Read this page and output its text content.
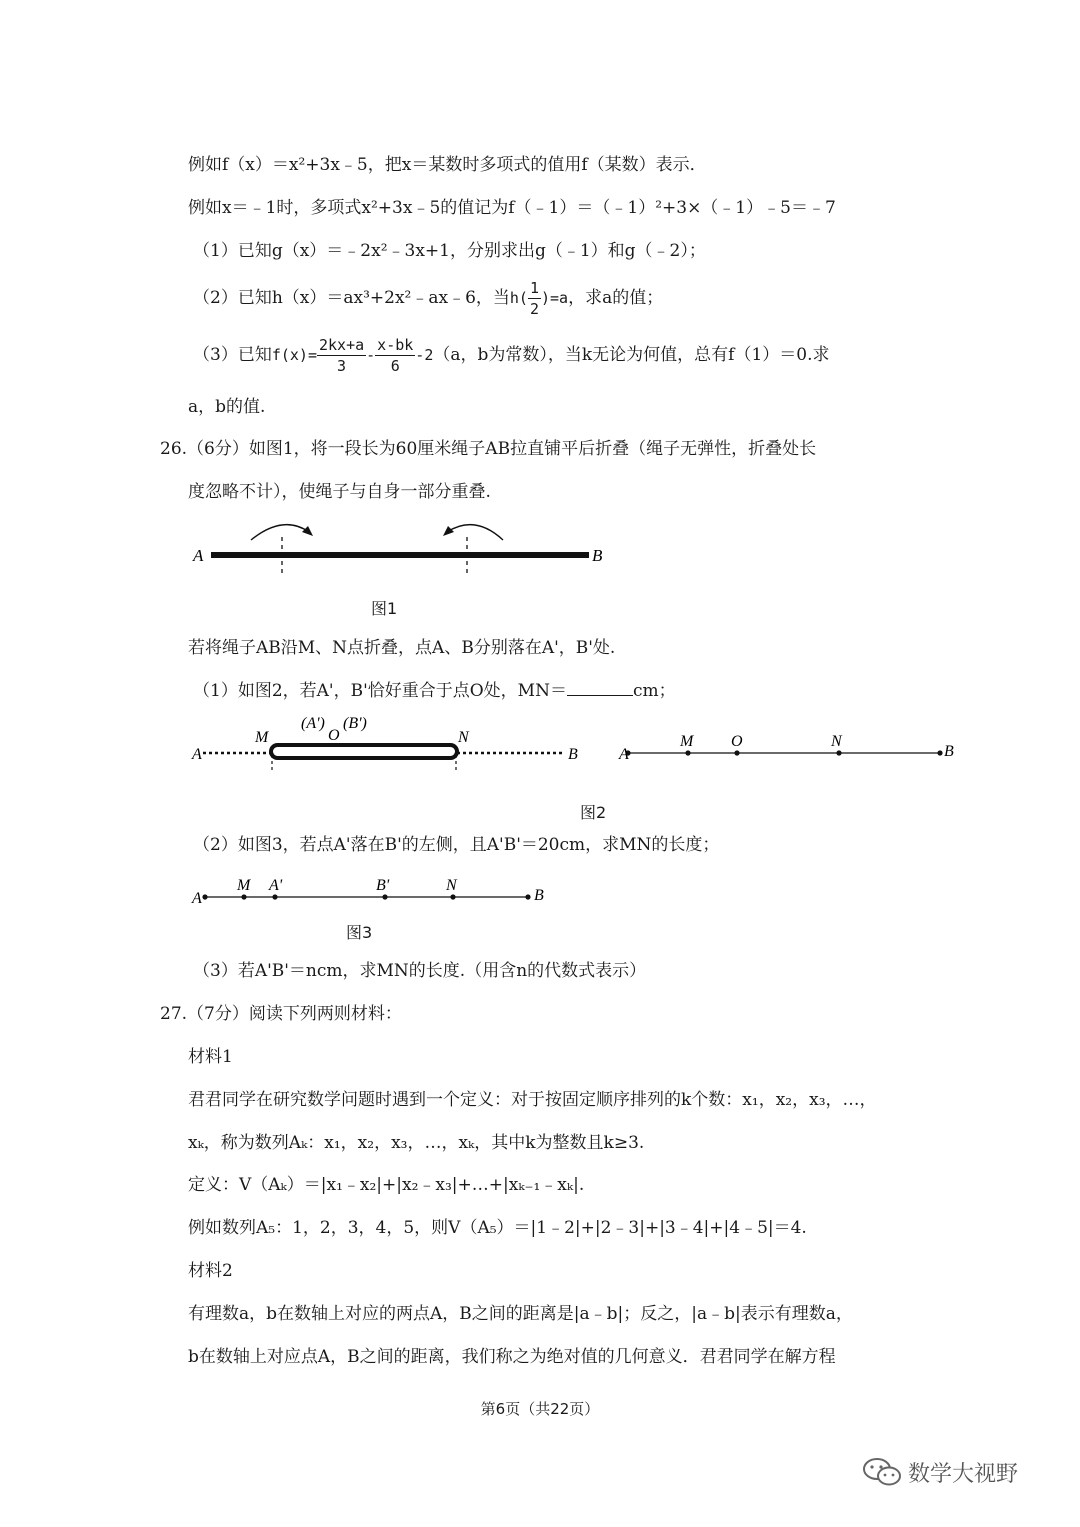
例如f（x）＝x²+3x﹣5，把x＝某数时多项式的值用f（某数）表示．
例如x＝﹣1时，多项式x²+3x﹣5的值记为f（﹣1）＝（﹣1）²+3×（﹣1）﹣5＝﹣7
（1）已知g（x）＝﹣2x²﹣3x+1，分别求出g（﹣1）和g（﹣2）；
（2）已知h（x）＝ax³+2x²﹣ax﹣6，当$h( \frac{1}{2} )=a$，求a的值；
（3）已知$f(x)= \frac{2kx+a}{3} - \frac{x-bk}{6} -2(a$，b为常数），当k无论为何值，总有f（1）＝0.求
a，b的值.
26.（6分）如图1，将一段长为60厘米绳子AB拉直铺平后折叠（绳子无弹性，折叠处长
度忽略不计），使绳子与自身一部分重叠.
A	B
图1
若将绳子AB沿M、N点折叠，点A、B分别落在A'，B'处.
（1）如图2，若A'，B'恰好重合于点O处，MN＝	cm；
A
M
(A')
O
(B')
N
B	A
M O	N
B
图2
（2）如图3，若点A'落在B'的左侧，且A'B'＝20cm，求MN的长度；
A
M A'	B'	N
B
图3
（3）若A'B'＝ncm，求MN的长度.（用含n的代数式表示）
27.（7分）阅读下列两则材料：
材料1
君君同学在研究数学问题时遇到一个定义：对于按固定顺序排列的k个数：x₁，x₂，x₃，…，
xₖ，称为数列Aₖ：x₁，x₂，x₃，…，xₖ，其中k为整数且k≥3.
定义：V（Aₖ）＝|x₁﹣x₂|+|x₂﹣x₃|+…+|xₖ₋₁﹣xₖ|.
例如数列A₅：1，2，3，4，5，则V（A₅）＝|1﹣2|+|2﹣3|+|3﹣4|+|4﹣5|＝4.
材料2
有理数a，b在数轴上对应的两点A，B之间的距离是|a﹣b|；反之，|a﹣b|表示有理数a，
b在数轴上对应点A，B之间的距离，我们称之为绝对值的几何意义．君君同学在解方程
第6页（共22页）
数学大视野
